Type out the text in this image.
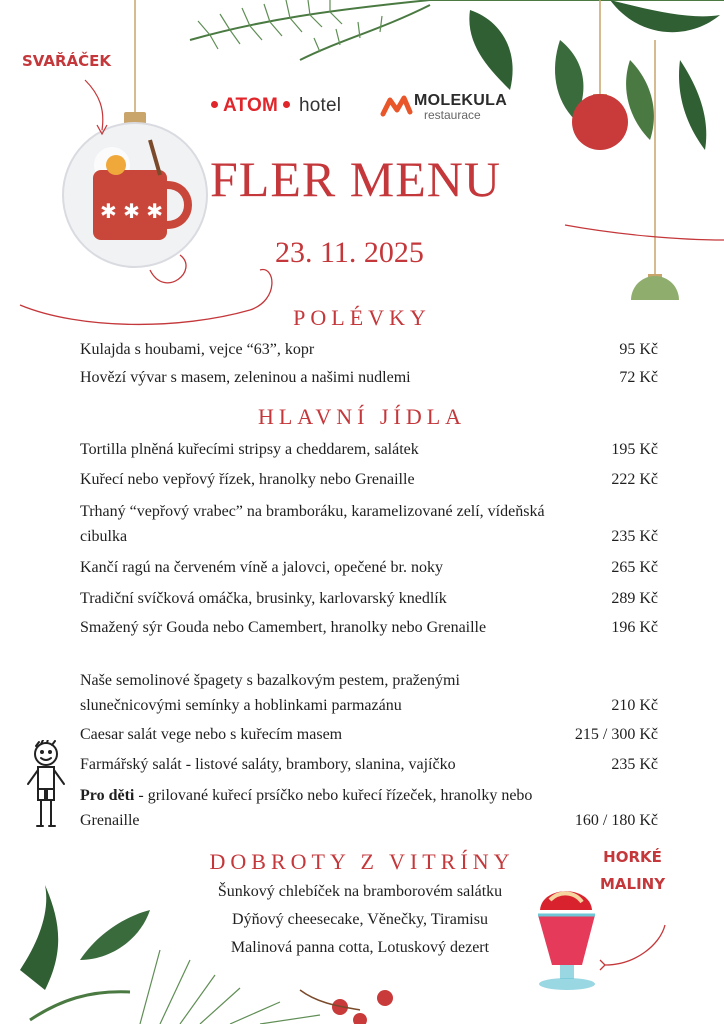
✱ ✱ ✱
SVAŘÁČEK
ATOM hotel	MOLEKULA
restaurace
FLER MENU
23. 11. 2025
POLÉVKY
Kulajda s houbami, vejce “63”, kopr	95 Kč
Hovězí vývar s masem, zeleninou a našimi nudlemi	72 Kč
HLAVNÍ JÍDLA
Tortilla plněná kuřecími stripsy a cheddarem, salátek	195 Kč
Kuřecí nebo vepřový řízek, hranolky nebo Grenaille	222 Kč
Trhaný “vepřový vrabec” na bramboráku, karamelizované zelí, vídeňská cibulka	235 Kč
Kančí ragú na červeném víně a jalovci, opečené br. noky	265 Kč
Tradiční svíčková omáčka, brusinky, karlovarský knedlík	289 Kč
Smažený sýr Gouda nebo Camembert, hranolky nebo Grenaille	196 Kč
Naše semolinové špagety s bazalkovým pestem, praženými slunečnicovými semínky a hoblinkami parmazánu	210 Kč
Caesar salát vege nebo s kuřecím masem	215 / 300 Kč
Farmářský salát - listové saláty, brambory, slanina, vajíčko	235 Kč
Pro děti - grilované kuřecí prsíčko nebo kuřecí řízeček, hranolky nebo Grenaille	160 / 180 Kč
DOBROTY Z VITRÍNY
Šunkový chlebíček na bramborovém salátku
Dýňový cheesecake, Věnečky, Tiramisu
Malinová panna cotta, Lotuskový dezert
HORKÉ
MALINY
